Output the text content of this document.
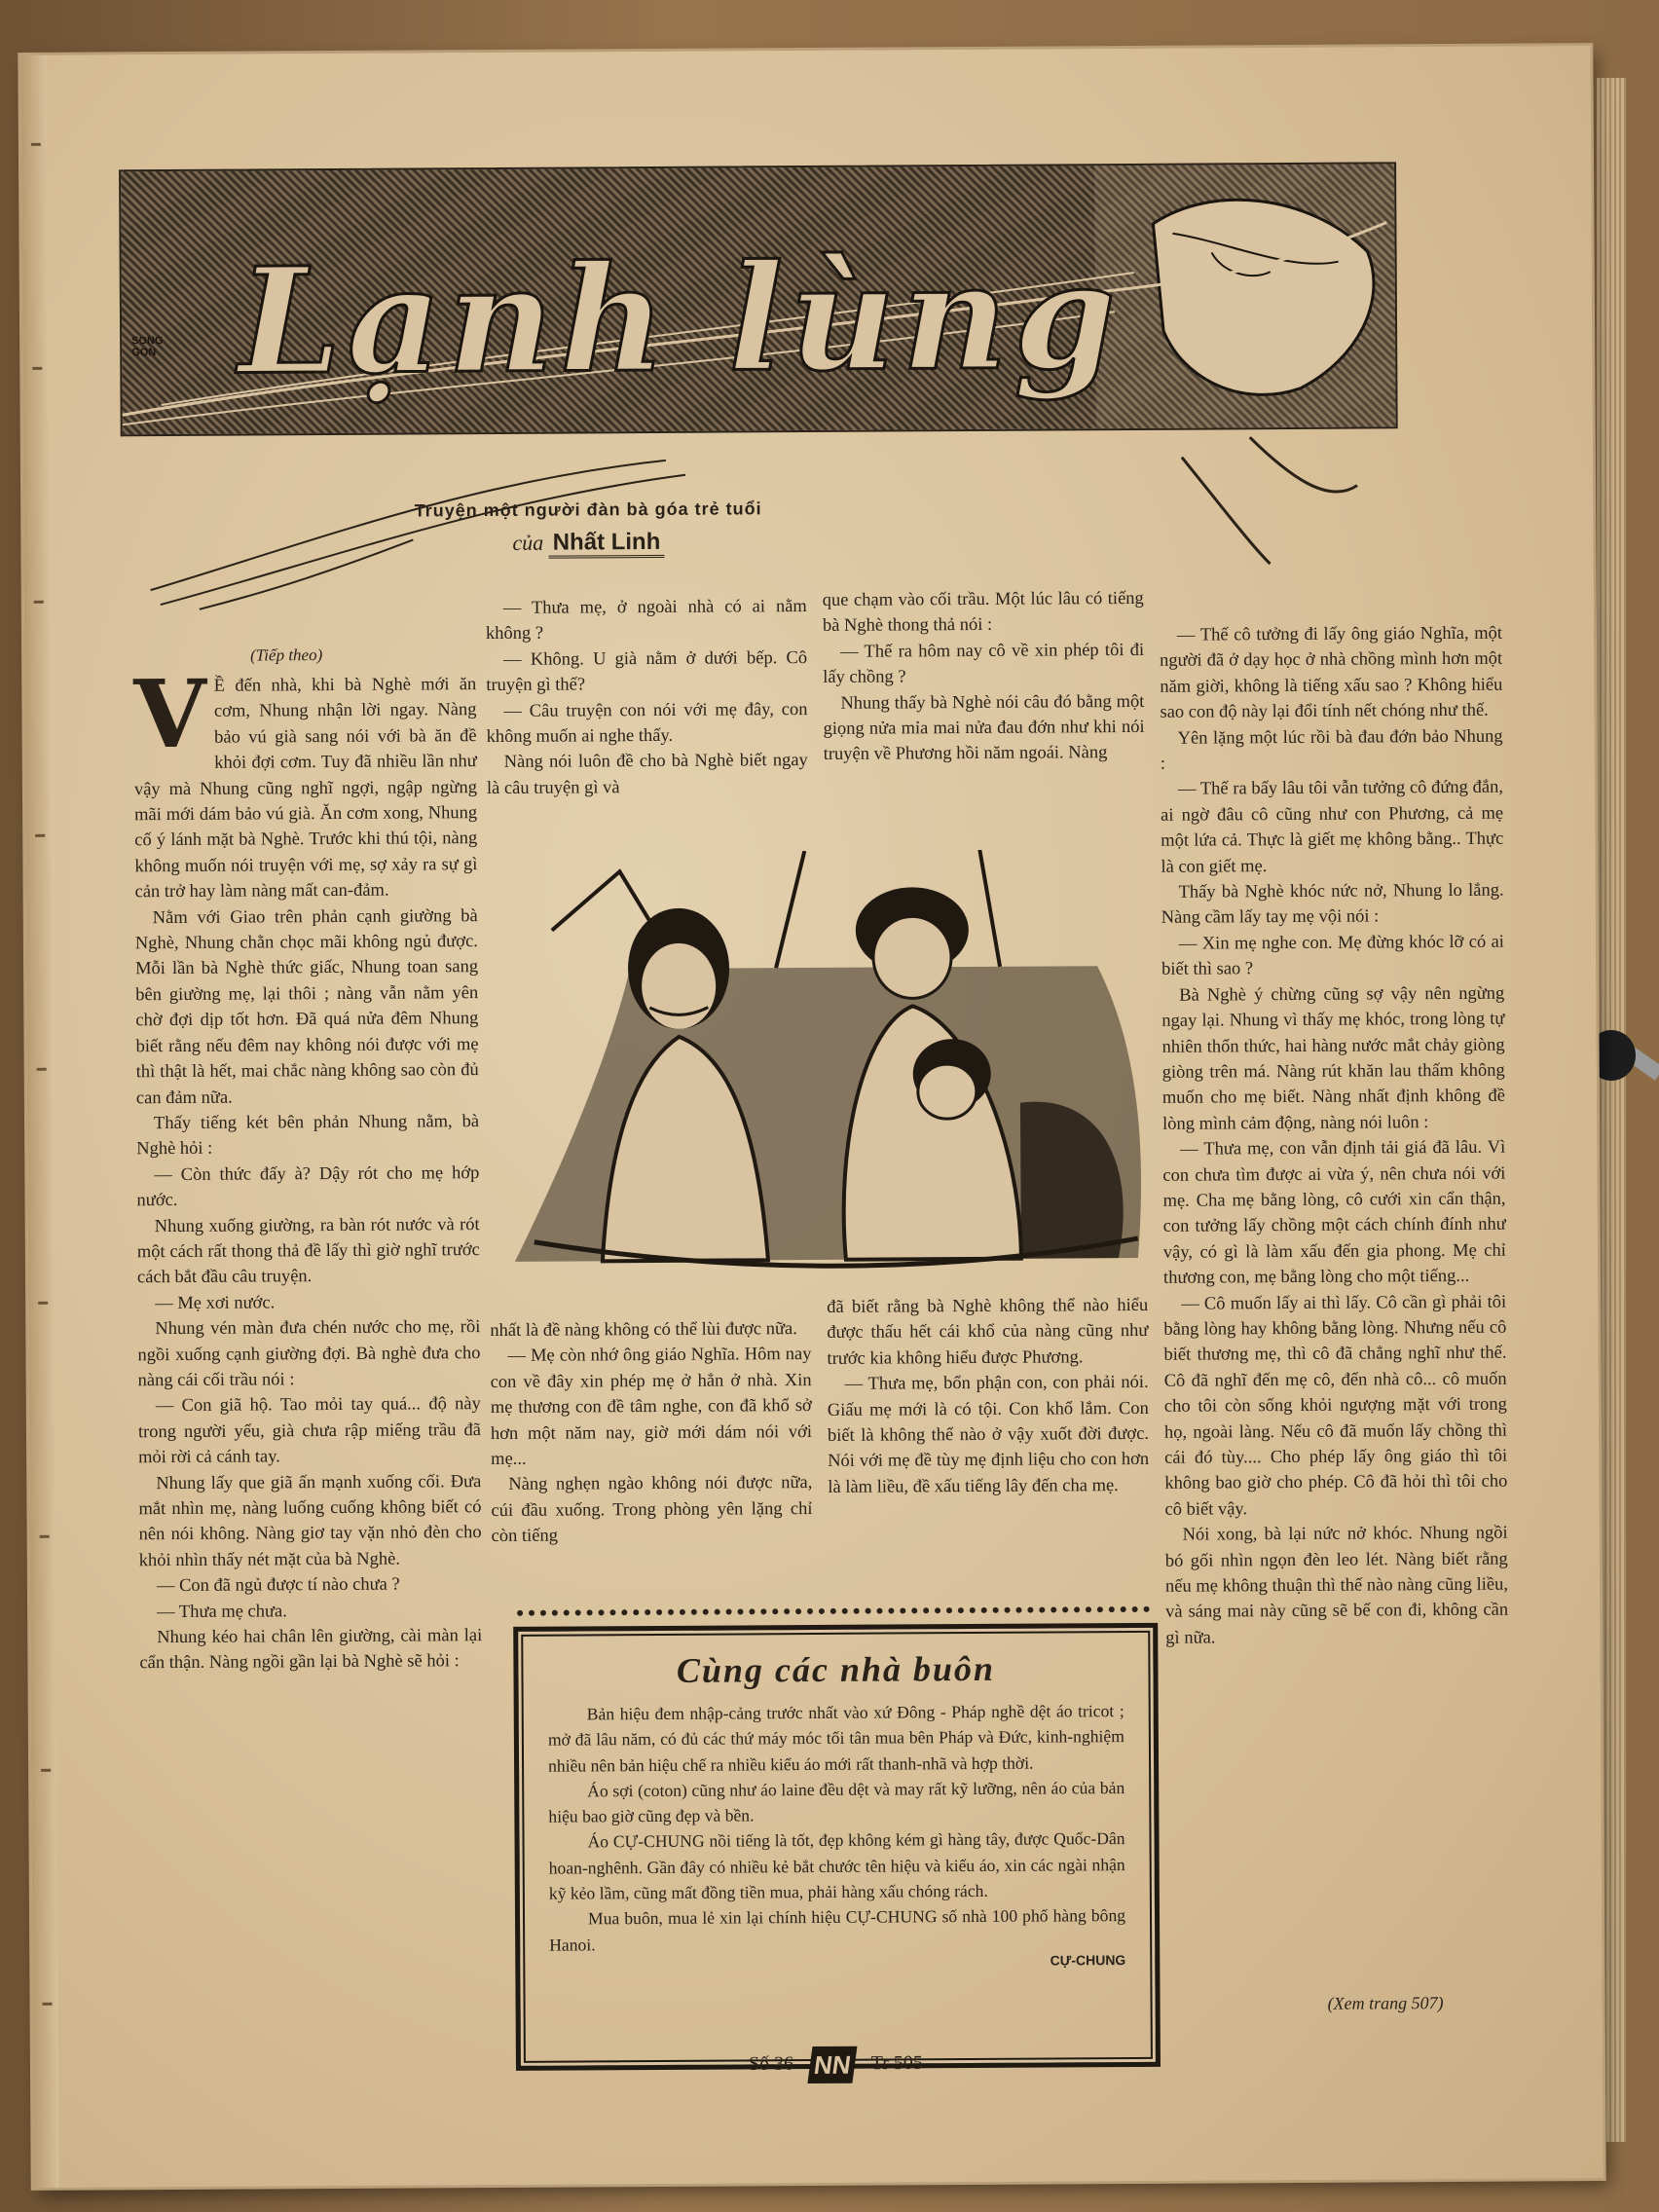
Lạnh lùng
SONG
GON
Truyện một người đàn bà góa trẻ tuổi
của Nhất Linh
(Tiếp theo)
V Ề đến nhà, khi bà Nghè mới ăn cơm, Nhung nhận lời ngay. Nàng bảo vú già sang nói với bà ăn đề khỏi đợi cơm. Tuy đã nhiều lần như vậy mà Nhung cũng nghĩ ngợi, ngập ngừng mãi mới dám bảo vú già. Ăn cơm xong, Nhung cố ý lánh mặt bà Nghè. Trước khi thú tội, nàng không muốn nói truyện với mẹ, sợ xảy ra sự gì cản trở hay làm nàng mất can-đảm.

Nằm với Giao trên phản cạnh giường bà Nghè, Nhung chằn chọc mãi không ngủ được. Mỗi lần bà Nghè thức giấc, Nhung toan sang bên giường mẹ, lại thôi ; nàng vẫn nằm yên chờ đợi dịp tốt hơn. Đã quá nửa đêm Nhung biết rằng nếu đêm nay không nói được với mẹ thì thật là hết, mai chắc nàng không sao còn đủ can đảm nữa.

Thấy tiếng két bên phản Nhung nằm, bà Nghè hỏi :

— Còn thức đấy à? Dậy rót cho mẹ hớp nước.

Nhung xuống giường, ra bàn rót nước và rót một cách rất thong thả đề lấy thì giờ nghĩ trước cách bắt đầu câu truyện.

— Mẹ xơi nước.

Nhung vén màn đưa chén nước cho mẹ, rồi ngồi xuống cạnh giường đợi. Bà nghè đưa cho nàng cái cối trầu nói :

— Con giã hộ. Tao mỏi tay quá... độ này trong người yếu, già chưa rập miếng trầu đã mỏi rời cả cánh tay.

Nhung lấy que giã ấn mạnh xuống cối. Đưa mắt nhìn mẹ, nàng luống cuống không biết có nên nói không. Nàng giơ tay vặn nhỏ đèn cho khỏi nhìn thấy nét mặt của bà Nghè.

— Con đã ngủ được tí nào chưa ?

— Thưa mẹ chưa.

Nhung kéo hai chân lên giường, cài màn lại cẩn thận. Nàng ngồi gần lại bà Nghè sẽ hỏi :

— Thưa mẹ, ở ngoài nhà có ai nằm không ?

— Không. U già nằm ở dưới bếp. Cô truyện gì thế?

— Câu truyện con nói với mẹ đây, con không muốn ai nghe thấy.

Nàng nói luôn đề cho bà Nghè biết ngay là câu truyện gì và

que chạm vào cối trầu. Một lúc lâu có tiếng bà Nghè thong thả nói :

— Thế ra hôm nay cô về xin phép tôi đi lấy chồng ?

Nhung thấy bà Nghè nói câu đó bằng một giọng nửa mỉa mai nửa đau đớn như khi nói truyện về Phương hồi năm ngoái. Nàng

nhất là đề nàng không có thể lùi được nữa.

— Mẹ còn nhớ ông giáo Nghĩa. Hôm nay con về đây xin phép mẹ ở hẳn ở nhà. Xin mẹ thương con đề tâm nghe, con đã khổ sở hơn một năm nay, giờ mới dám nói với mẹ...

Nàng nghẹn ngào không nói được nữa, cúi đầu xuống. Trong phòng yên lặng chỉ còn tiếng

đã biết rằng bà Nghè không thể nào hiểu được thấu hết cái khổ của nàng cũng như trước kia không hiểu được Phương.

— Thưa mẹ, bổn phận con, con phải nói. Giấu mẹ mới là có tội. Con khổ lắm. Con biết là không thể nào ở vậy xuốt đời được. Nói với mẹ đề tùy mẹ định liệu cho con hơn là làm liều, đề xấu tiếng lây đến cha mẹ.

Cùng các nhà buôn

Bản hiệu đem nhập-cảng trước nhất vào xứ Đông - Pháp nghề dệt áo tricot ; mở đã lâu năm, có đủ các thứ máy móc tối tân mua bên Pháp và Đức, kinh-nghiệm nhiều nên bản hiệu chế ra nhiều kiểu áo mới rất thanh-nhã và hợp thời.

Áo sợi (coton) cũng như áo laine đều dệt và may rất kỹ lưỡng, nên áo của bản hiệu bao giờ cũng đẹp và bền.

Áo CỰ-CHUNG nồi tiếng là tốt, đẹp không kém gì hàng tây, được Quốc-Dân hoan-nghênh. Gần đây có nhiều kẻ bắt chước tên hiệu và kiểu áo, xin các ngài nhận kỹ kẻo lầm, cũng mất đồng tiền mua, phải hàng xấu chóng rách.

Mua buôn, mua lẻ xin lại chính hiệu CỰ-CHUNG số nhà 100 phố hàng bông Hanoi.

CỰ-CHUNG

— Thế cô tưởng đi lấy ông giáo Nghĩa, một người đã ở dạy học ở nhà chồng mình hơn một năm giời, không là tiếng xấu sao ? Không hiểu sao con độ này lại đổi tính nết chóng như thế.

Yên lặng một lúc rồi bà đau đớn bảo Nhung :

— Thế ra bấy lâu tôi vẫn tưởng cô đứng đắn, ai ngờ đâu cô cũng như con Phương, cả mẹ một lứa cả. Thực là giết mẹ không bằng.. Thực là con giết mẹ.

Thấy bà Nghè khóc nức nở, Nhung lo lắng. Nàng cầm lấy tay mẹ vội nói :

— Xin mẹ nghe con. Mẹ đừng khóc lỡ có ai biết thì sao ?

Bà Nghè ý chừng cũng sợ vậy nên ngừng ngay lại. Nhung vì thấy mẹ khóc, trong lòng tự nhiên thổn thức, hai hàng nước mắt chảy giòng giòng trên má. Nàng rút khăn lau thấm không muốn cho mẹ biết. Nàng nhất định không đề lòng mình cảm động, nàng nói luôn :

— Thưa mẹ, con vẫn định tải giá đã lâu. Vì con chưa tìm được ai vừa ý, nên chưa nói với mẹ. Cha mẹ bằng lòng, cô cưới xin cẩn thận, con tưởng lấy chồng một cách chính đính như vậy, có gì là làm xấu đến gia phong. Mẹ chỉ thương con, mẹ bằng lòng cho một tiếng...

— Cô muốn lấy ai thì lấy. Cô cần gì phải tôi bằng lòng hay không bằng lòng. Nhưng nếu cô biết thương mẹ, thì cô đã chẳng nghĩ như thế. Cô đã nghĩ đến mẹ cô, đến nhà cô... cô muốn cho tôi còn sống khỏi ngượng mặt với trong họ, ngoài làng. Nếu cô đã muốn lấy chồng thì cái đó tùy.... Cho phép lấy ông giáo thì tôi không bao giờ cho phép. Cô đã hỏi thì tôi cho cô biết vậy.

Nói xong, bà lại nức nở khóc. Nhung ngồi bó gối nhìn ngọn đèn leo lét. Nàng biết rằng nếu mẹ không thuận thì thế nào nàng cũng liều, và sáng mai này cũng sẽ bế con đi, không cần gì nữa.

(Xem trang 507)
Số 36 NN Tr 505
